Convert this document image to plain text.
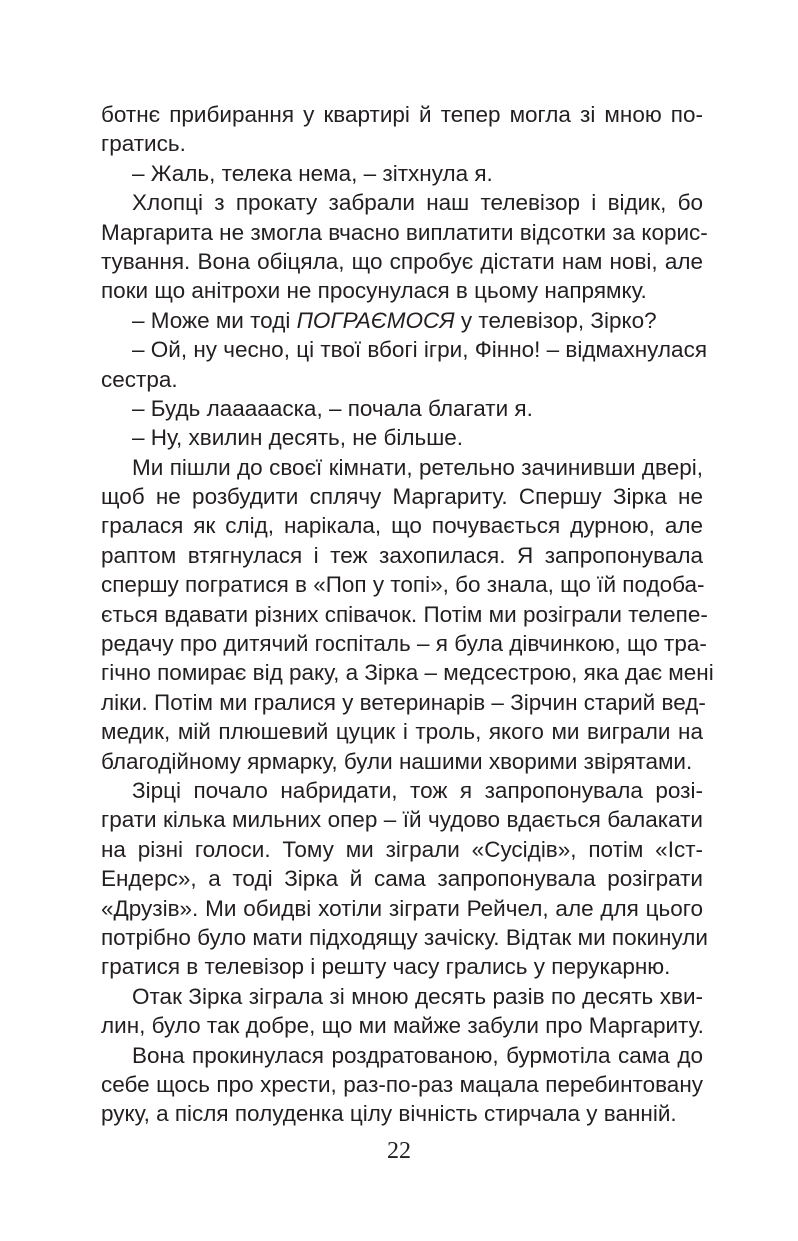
ботнє прибирання у квартирі й тепер могла зі мною по-
гратись.
– Жаль, телека нема, – зітхнула я.
Хлопці з прокату забрали наш телевізор і відик, бо
Маргарита не змогла вчасно виплатити відсотки за корис-
тування. Вона обіцяла, що спробує дістати нам нові, але
поки що анітрохи не просунулася в цьому напрямку.
– Може ми тоді ПОГРАЄМОСЯ у телевізор, Зірко?
– Ой, ну чесно, ці твої вбогі ігри, Фінно! – відмахнулася
сестра.
– Будь лаааааска, – почала благати я.
– Ну, хвилин десять, не більше.
Ми пішли до своєї кімнати, ретельно зачинивши двері,
щоб не розбудити сплячу Маргариту. Спершу Зірка не
гралася як слід, нарікала, що почувається дурною, але
раптом втягнулася і теж захопилася. Я запропонувала
спершу погратися в «Поп у топі», бо знала, що їй подоба-
ється вдавати різних співачок. Потім ми розіграли телепе-
редачу про дитячий госпіталь – я була дівчинкою, що тра-
гічно помирає від раку, а Зірка – медсестрою, яка дає мені
ліки. Потім ми гралися у ветеринарів – Зірчин старий вед-
медик, мій плюшевий цуцик і троль, якого ми виграли на
благодійному ярмарку, були нашими хворими звірятами.
Зірці почало набридати, тож я запропонувала розі-
грати кілька мильних опер – їй чудово вдається балакати
на різні голоси. Тому ми зіграли «Сусідів», потім «Іст-
Ендерс», а тоді Зірка й сама запропонувала розіграти
«Друзів». Ми обидві хотіли зіграти Рейчел, але для цього
потрібно було мати підходящу зачіску. Відтак ми покинули
гратися в телевізор і решту часу грались у перукарню.
Отак Зірка зіграла зі мною десять разів по десять хви-
лин, було так добре, що ми майже забули про Маргариту.
Вона прокинулася роздратованою, бурмотіла сама до
себе щось про хрести, раз-по-раз мацала перебинтовану
руку, а після полуденка цілу вічність стирчала у ванній.
22
